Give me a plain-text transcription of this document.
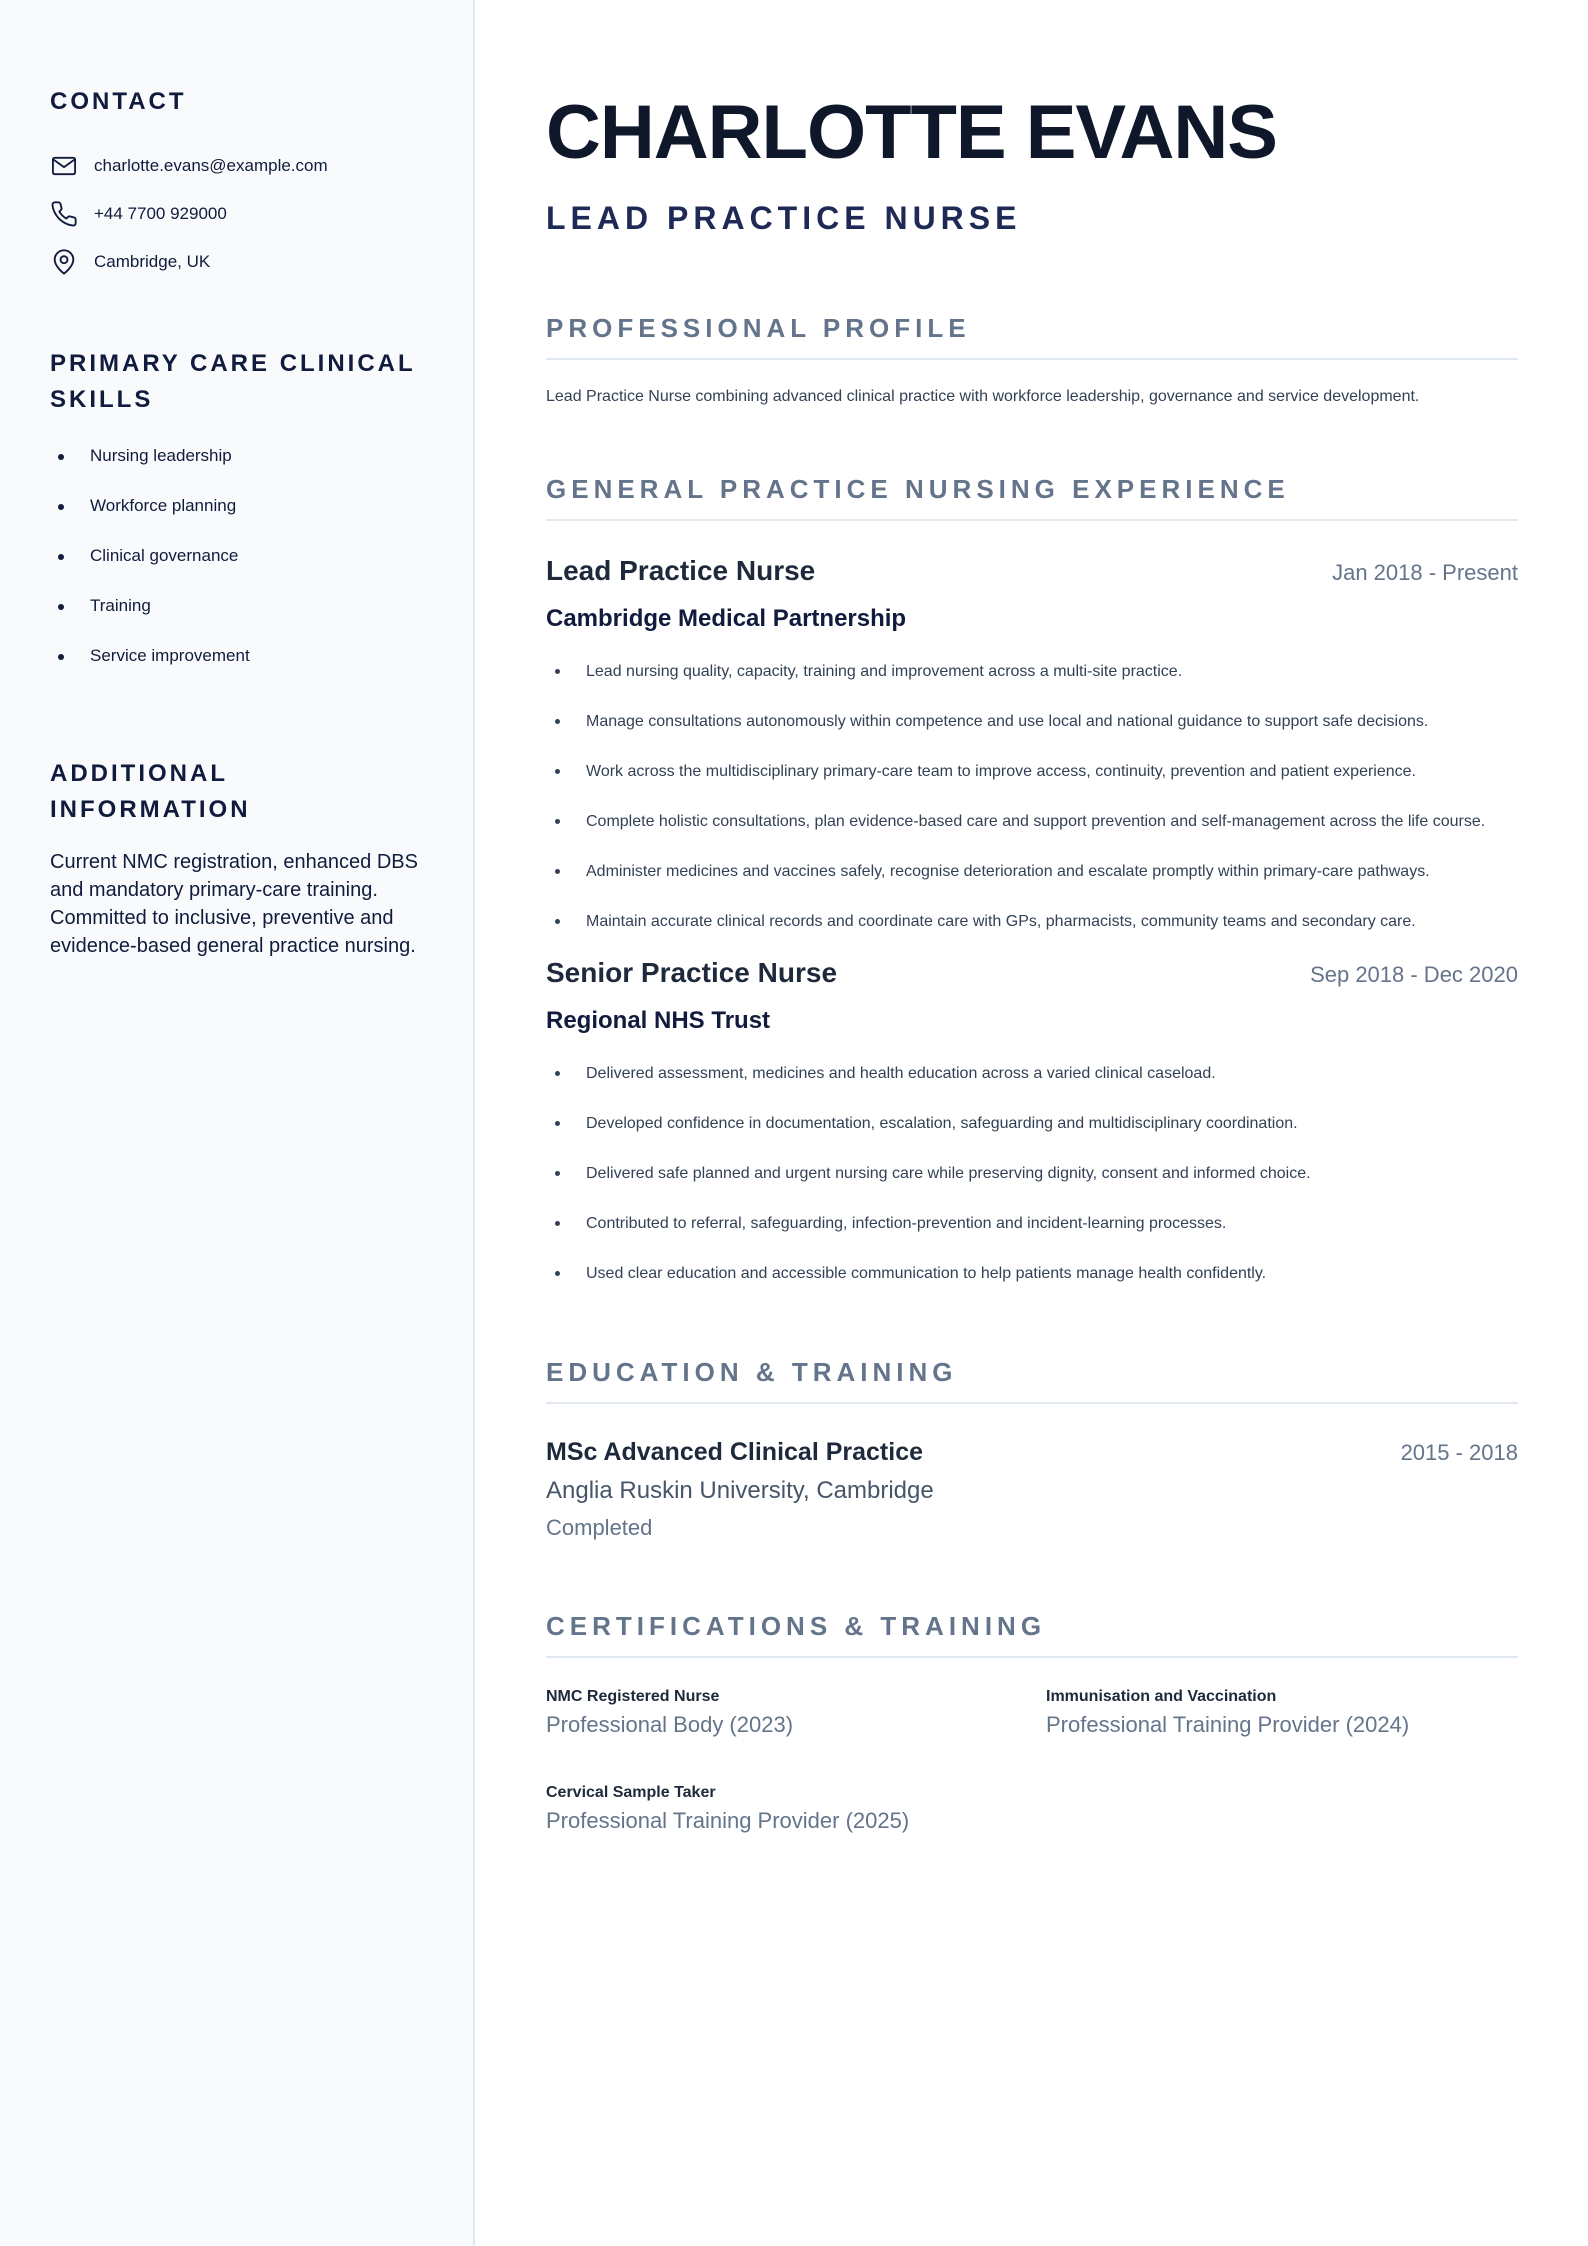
CONTACT
charlotte.evans@example.com
+44 7700 929000
Cambridge, UK
PRIMARY CARE CLINICAL SKILLS
Nursing leadership
Workforce planning
Clinical governance
Training
Service improvement
ADDITIONAL INFORMATION

Current NMC registration, enhanced DBS and mandatory primary-care training. Committed to inclusive, preventive and evidence-based general practice nursing.

CHARLOTTE EVANS
LEAD PRACTICE NURSE
PROFESSIONAL PROFILE

Lead Practice Nurse combining advanced clinical practice with workforce leadership, governance and service development.

GENERAL PRACTICE NURSING EXPERIENCE
Lead Practice Nurse	Jan 2018 - Present
Cambridge Medical Partnership
Lead nursing quality, capacity, training and improvement across a multi-site practice.
Manage consultations autonomously within competence and use local and national guidance to support safe decisions.
Work across the multidisciplinary primary-care team to improve access, continuity, prevention and patient experience.
Complete holistic consultations, plan evidence-based care and support prevention and self-management across the life course.
Administer medicines and vaccines safely, recognise deterioration and escalate promptly within primary-care pathways.
Maintain accurate clinical records and coordinate care with GPs, pharmacists, community teams and secondary care.
Senior Practice Nurse	Sep 2018 - Dec 2020
Regional NHS Trust
Delivered assessment, medicines and health education across a varied clinical caseload.
Developed confidence in documentation, escalation, safeguarding and multidisciplinary coordination.
Delivered safe planned and urgent nursing care while preserving dignity, consent and informed choice.
Contributed to referral, safeguarding, infection-prevention and incident-learning processes.
Used clear education and accessible communication to help patients manage health confidently.
EDUCATION & TRAINING
MSc Advanced Clinical Practice	2015 - 2018
Anglia Ruskin University, Cambridge
Completed
CERTIFICATIONS & TRAINING
NMC Registered Nurse
Professional Body (2023)
Immunisation and Vaccination
Professional Training Provider (2024)
Cervical Sample Taker
Professional Training Provider (2025)
